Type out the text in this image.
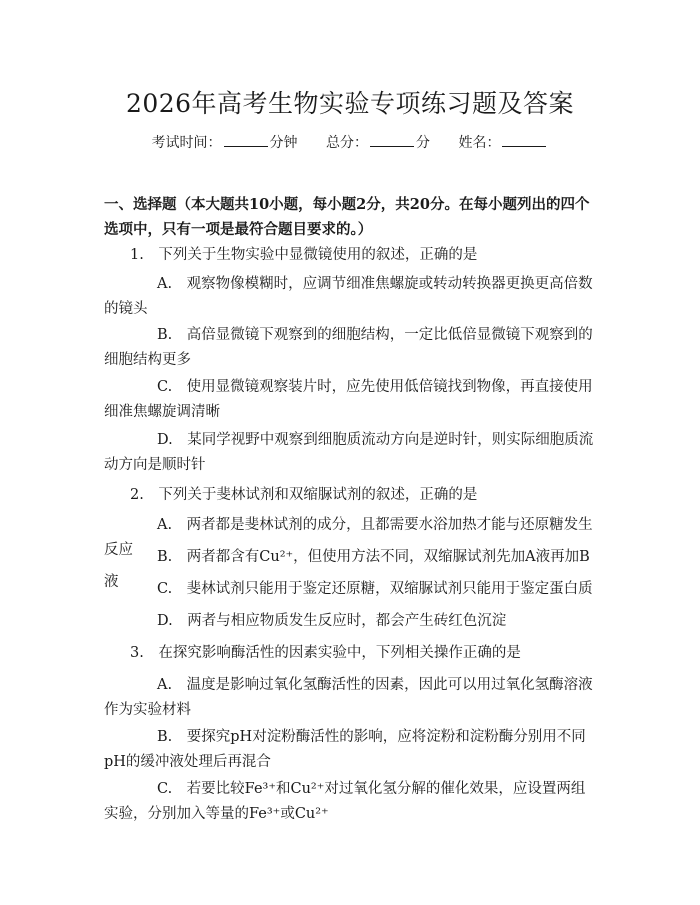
2026年高考生物实验专项练习题及答案
考试时间：	分钟 总分：	分 姓名：
一、选择题（本大题共10小题，每小题2分，共20分。在每小题列出的四个选项中，只有一项是最符合题目要求的。）
1.　下列关于生物实验中显微镜使用的叙述，正确的是
A.　观察物像模糊时，应调节细准焦螺旋或转动转换器更换更高倍数的镜头
B.　高倍显微镜下观察到的细胞结构，一定比低倍显微镜下观察到的细胞结构更多
C.　使用显微镜观察装片时，应先使用低倍镜找到物像，再直接使用细准焦螺旋调清晰
D.　某同学视野中观察到细胞质流动方向是逆时针，则实际细胞质流动方向是顺时针
2.　下列关于斐林试剂和双缩脲试剂的叙述，正确的是
A.　两者都是斐林试剂的成分，且都需要水浴加热才能与还原糖发生反应	B.　两者都含有Cu²⁺，但使用方法不同，双缩脲试剂先加A液再加B液	C.　斐林试剂只能用于鉴定还原糖，双缩脲试剂只能用于鉴定蛋白质
D.　两者与相应物质发生反应时，都会产生砖红色沉淀
3.　在探究影响酶活性的因素实验中，下列相关操作正确的是
A.　温度是影响过氧化氢酶活性的因素，因此可以用过氧化氢酶溶液作为实验材料
B.　要探究pH对淀粉酶活性的影响，应将淀粉和淀粉酶分别用不同pH的缓冲液处理后再混合
C.　若要比较Fe³⁺和Cu²⁺对过氧化氢分解的催化效果，应设置两组实验，分别加入等量的Fe³⁺或Cu²⁺
